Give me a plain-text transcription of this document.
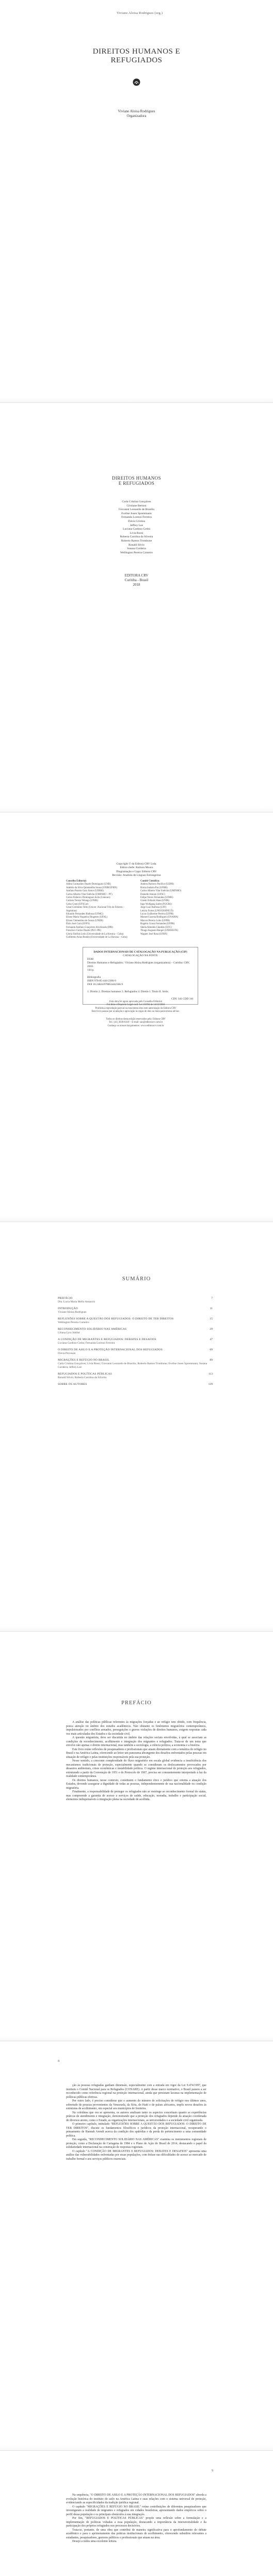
Viviane Aloisa Rodrigues (org.)
DIREITOS HUMANOS E
REFUGIADOS
Viviane Aloisa Rodrigues
Organizadora
DIREITOS HUMANOS
E REFUGIADOS
Carla Cristina Gonçalves
Cristiane Bertoni
Giovanni Leonardo de Brasiliu
Evelise Josen Spremmann
Fernanda Lorenzi Ferreira
Flávia Cristina
Jeffrey Lee
Luciana Cardoso Cedra
Lívia Rossi
Roberta Carolina da Silveira
Roberto Ramos Trombone
Ronald Silvio
Susana Cordeira
Wellington Pereira Carneiro
EDITORA CRV
Curitiba - Brasil
2018
Copyright © da Editora CRV Ltda.
Editor-chefe: Railson Moura
Diagramação e Capa: Editora CRV
Revisão: Analista de Línguas Estrangeiras
Conselho Editorial:
Aldira Guimarães Duarte Domínguez (UNB)
Andréia da Silva Quintanilha Sousa (UNIR/UFRN)
Antônio Pereira Gaio Júnior (UFRRJ)
Carlos Alberto Vilar Estêvão (UMINHO – PT)
Carlos Federico Dominguez Avila (Unieuro)
Carmen Tereza Velanga (UNIR)
Celso Conti (UFSCar)
Cesar Gerónimo Tello (Univer .Nacional Três de Febrero – Argentina)
Eduardo Fernandes Barbosa (UFMG)
Elione Maria Nogueira Diogenes (UFAL)
Elizeu Clementino de Souza (UNEB)
Élsio José Corá (UFFS)
Fernando Antônio Gonçalves Alcoforado (IPB)
Francisco Carlos Duarte (PUC-PR)
Gloria Fariñas León (Universidade de La Havana – Cuba)
Guillermo Arias Beatón (Universidade de La Havana – Cuba)
Comitê Científico:
Andrea Pacheco Pacífico (UEPB)
Bruna Sudaria Paz (UFRR)
Carlos Alberto Vilar Estêvão (UMINHO)
Danielle Annoni (UFSC)
Felipe Neves Fernandes (UFMS)
Gisele Zelinski Haas (UNIR)
Ingo Wolfgang Sarlet (PUCRS)
Jorge Luiz Barbosa (UFF)
Letícia Fortes (UNOCHAPECÓ)
Lucas Guilherme Pereira (UFPR)
Manoel Lucena Rodrigues (UNAMA)
Marcos Pereira Lobo (UFPB)
Rogério Grassi Fernandes (UFPR)
Sheila Almeida Cândido (UFC)
Thiago Augusto Rangel (UNIOESTE)
Wagner José Rosa (UFRN)
DADOS INTERNACIONAIS DE CATALOGAÇÃO NA PUBLICAÇÃO (CIP)
CATALOGAÇÃO NA FONTE
D598
Direitos Humanos e Refugiados / Viviane Aloisa Rodrigues (organizadora) – Curitiba: CRV, 2018.
144 p.

Bibliografia
ISBN 978-85-444-2366-9
DOI 10.24824/978854442366.9

1. Direito 2. Direitos humanos 3. Refugiados 4. Direito I. Título II. Série.

CDU 341 CDD 341
Esta obra foi agora aprovada pelo Conselho Editorial
Foi feito o Depósito Legal conf. Lei 10.994 de 14/12/2004
Proibida a reprodução parcial ou total desta obra sem autorização da Editora CRV
Este livro passou por avaliação e aprovação às cegas de dois ou mais pareceristas ad hoc.
Todos os direitos desta edição reservados pela: Editora CRV
Tel.: (41) 3039-6418 – E-mail: sac@editoracrv.com.br
Conheça os nossos lançamentos: www.editoracrv.com.br
SUMÁRIO
PREFÁCIO
Dra. Lucia Maria Mello Amancio
7
INTRODUÇÃO
Viviane Aloisa Rodrigues
11
REFLEXÕES SOBRE A QUESTÃO DOS REFUGIADOS: O DIREITO DE TER DIREITOS
Wellington Pereira Carneiro
15
RECONHECIMENTO SOLIDÁRIO NAS AMÉRICAS
Liliana Lyra Jubilut
29
A CONDIÇÃO DE MIGRANTES E REFUGIADOS: DEBATES E DESAFIOS
Luciana Cardoso Cedra; Fernanda Lorenzi Ferreira
47
O DIREITO DE ASILO E A PROTEÇÃO INTERNACIONAL DOS REFUGIADOS
Flávia Piovesan
69
MIGRAÇÕES E REFÚGIO NO BRASIL
Carla Cristina Gonçalves; Lívia Rossi; Giovanni Leonardo de Brasiliu; Roberto Ramos Trombone; Evelise Josen Spremmann; Susana Cordeira; Jeffrey Lee
89
REFUGIADOS E POLÍTICAS PÚBLICAS
Ronald Silvio; Roberta Carolina da Silveira
113
SOBRE OS AUTORES	139
PREFÁCIO

A análise das políticas públicas referentes às migrações forçadas e ao refúgio tem obtido, com frequência, pouca atenção no âmbito dos estudos acadêmicos. Não obstante os fenômenos migratórios contemporâneos, impulsionados por conflitos armados, perseguições e graves violações de direitos humanos, exigem respostas cada vez mais articuladas dos Estados e da sociedade civil.

A questão migratória, deve ser discutida no âmbito das relações sociais envolvidas, à qual se associam as condições de reconhecimento, acolhimento e integração dos migrantes e refugiados. Trata-se de um tema que envolve não apenas o direito internacional, mas também a sociologia, a ciência política, a economia e a história.

Este livro reúne reflexões de pesquisadores e profissionais que atuam diretamente com a temática do refúgio no Brasil e na América Latina, oferecendo ao leitor um panorama abrangente dos desafios enfrentados pelas pessoas em situação de refúgio e pelas instituições responsáveis pela sua proteção.

Nesse sentido, a crescente complexidade do fluxo migratório em escala global evidencia a insuficiência dos mecanismos tradicionais de proteção, especialmente quando se consideram os deslocamentos provocados por desastres ambientais, crises econômicas e instabilidade política. O regime internacional de proteção aos refugiados, estruturado a partir da Convenção de 1951 e do Protocolo de 1967, precisa ser constantemente interpretado à luz da realidade contemporânea.

Os direitos humanos, nesse contexto, constituem o fundamento ético e jurídico que orienta a atuação dos Estados, devendo assegurar a dignidade de todas as pessoas, independentemente de sua nacionalidade ou condição migratória.

Finalmente, a responsabilidade de proteger os refugiados não se restringe ao reconhecimento formal do status, mas compreende a garantia de acesso a serviços de saúde, educação, moradia, trabalho e participação social, elementos indispensáveis à integração plena na sociedade de acolhida.

8

ção às pessoas refugiadas ganham dimensão, especialmente com a entrada em vigor da Lei 9.474/1997, que instituiu o Comitê Nacional para os Refugiados (CONARE). A partir desse marco normativo, o Brasil passou a ser reconhecido como referência regional na proteção internacional, ainda que persistam lacunas na implementação de políticas públicas efetivas.

Por outro lado, é preciso considerar que o aumento do número de solicitações de refúgio nos últimos anos, sobretudo de pessoas provenientes da Venezuela, da Síria, do Haiti e de países africanos, impôs novos desafios às estruturas de acolhimento, em especial aos municípios de fronteira.

Na coletânea que ora se apresenta, os autores analisam tanto os aspectos conceituais quanto as experiências práticas de atendimento e integração, demonstrando que a proteção dos refugiados depende da atuação coordenada de diversos atores, como o Estado, as organizações internacionais, as universidades e a sociedade civil organizada.

O primeiro capítulo, intitulado "REFLEXÕES SOBRE A QUESTÃO DOS REFUGIADOS: O DIREITO DE TER DIREITOS", discute os fundamentos filosóficos e jurídicos da proteção internacional, recuperando o pensamento de Hannah Arendt acerca da condição dos apátridas e da perda do pertencimento a uma comunidade política.

Em seguida, "RECONHECIMENTO SOLIDÁRIO NAS AMÉRICAS" examina os instrumentos regionais de proteção, como a Declaração de Cartagena de 1984 e o Plano de Ação do Brasil de 2014, destacando o papel da solidariedade internacional na construção de respostas regionais.

O capítulo "A CONDIÇÃO DE MIGRANTES E REFUGIADOS: DEBATES E DESAFIOS" apresenta uma análise das vulnerabilidades enfrentadas por essas populações, com ênfase nas dificuldades de acesso ao mercado de trabalho formal e aos serviços públicos essenciais.

9

Na sequência, "O DIREITO DE ASILO E A PROTEÇÃO INTERNACIONAL DOS REFUGIADOS" aborda a evolução histórica do instituto do asilo na América Latina e suas relações com o sistema universal de proteção, evidenciando as especificidades da tradição jurídica regional.

O capítulo "MIGRAÇÕES E REFÚGIO NO BRASIL" reúne contribuições de diferentes pesquisadores que investigaram a realidade de migrantes e refugiados em cidades brasileiras, apresentando dados empíricos sobre o perfil dessa população e os principais obstáculos à sua integração.

Por fim, "REFUGIADOS E POLÍTICAS PÚBLICAS" propõe uma reflexão sobre a formulação e a implementação de políticas voltadas a essa população, destacando a importância da intersetorialidade e da participação dos próprios refugiados nos processos decisórios.

Trata-se, portanto, de uma obra que contribui de maneira significativa para o aprofundamento do debate acadêmico e para o aprimoramento das práticas institucionais de acolhimento, oferecendo subsídios relevantes a estudantes, pesquisadores, gestores públicos e profissionais que atuam na área.

Desejo a todos uma excelente leitura.
